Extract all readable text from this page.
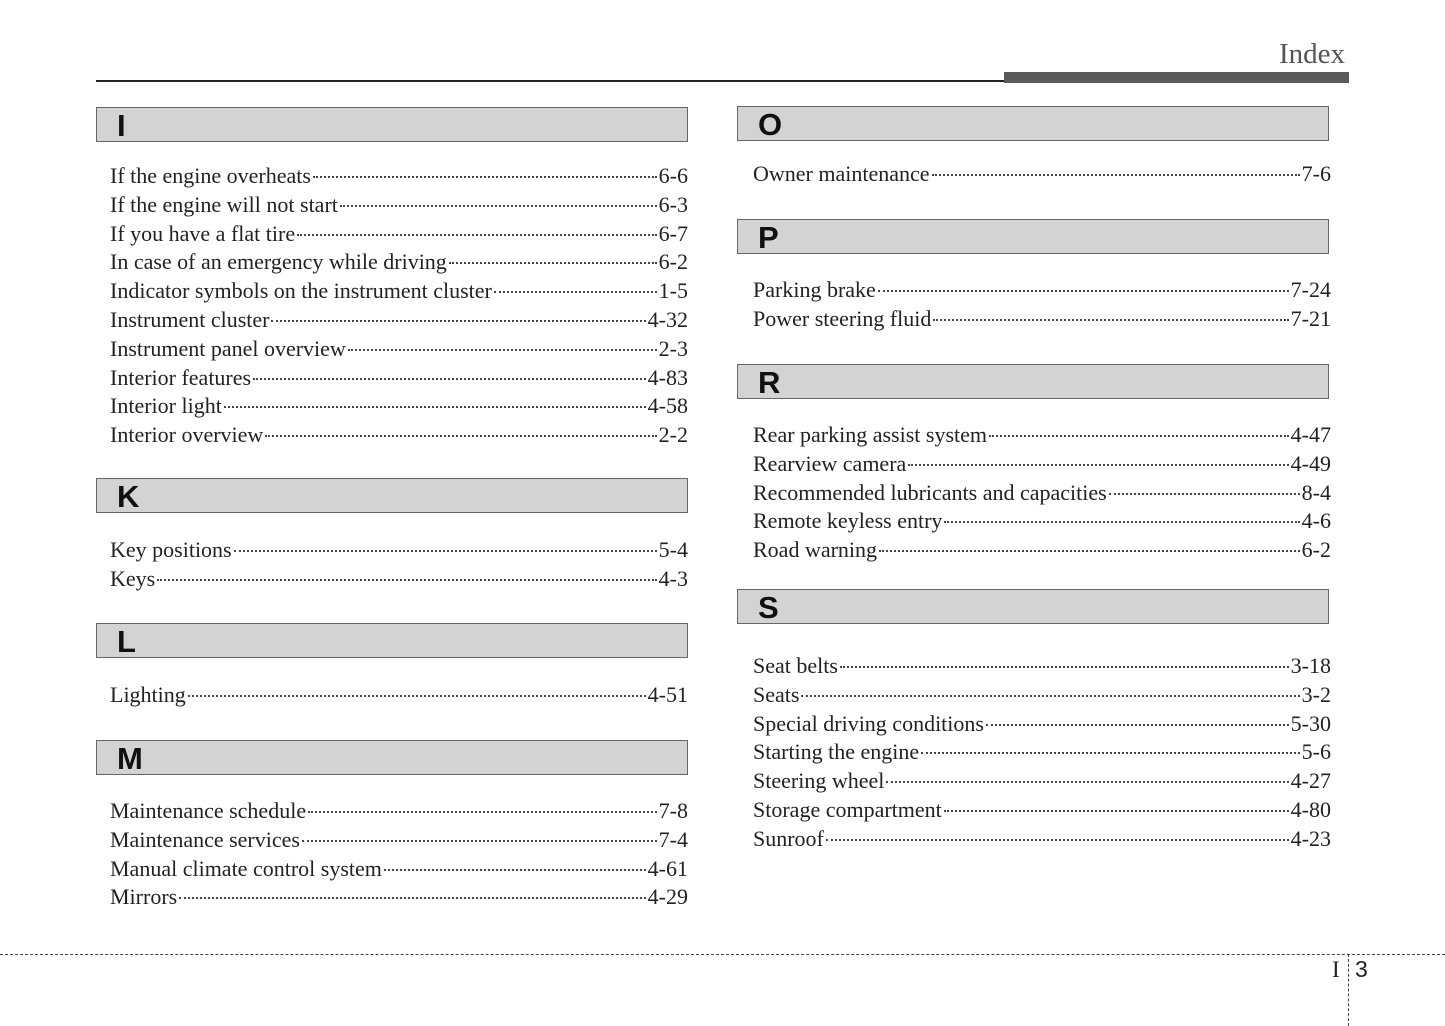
Index
I
If the engine overheats	6-6
If the engine will not start	6-3
If you have a flat tire	6-7
In case of an emergency while driving	6-2
Indicator symbols on the instrument cluster	1-5
Instrument cluster	4-32
Instrument panel overview	2-3
Interior features	4-83
Interior light	4-58
Interior overview	2-2
K
Key positions	5-4
Keys	4-3
L
Lighting	4-51
M
Maintenance schedule	7-8
Maintenance services	7-4
Manual climate control system	4-61
Mirrors	4-29
O
Owner maintenance	7-6
P
Parking brake	7-24
Power steering fluid	7-21
R
Rear parking assist system	4-47
Rearview camera	4-49
Recommended lubricants and capacities	8-4
Remote keyless entry	4-6
Road warning	6-2
S
Seat belts	3-18
Seats	3-2
Special driving conditions	5-30
Starting the engine	5-6
Steering wheel	4-27
Storage compartment	4-80
Sunroof	4-23
I 3
